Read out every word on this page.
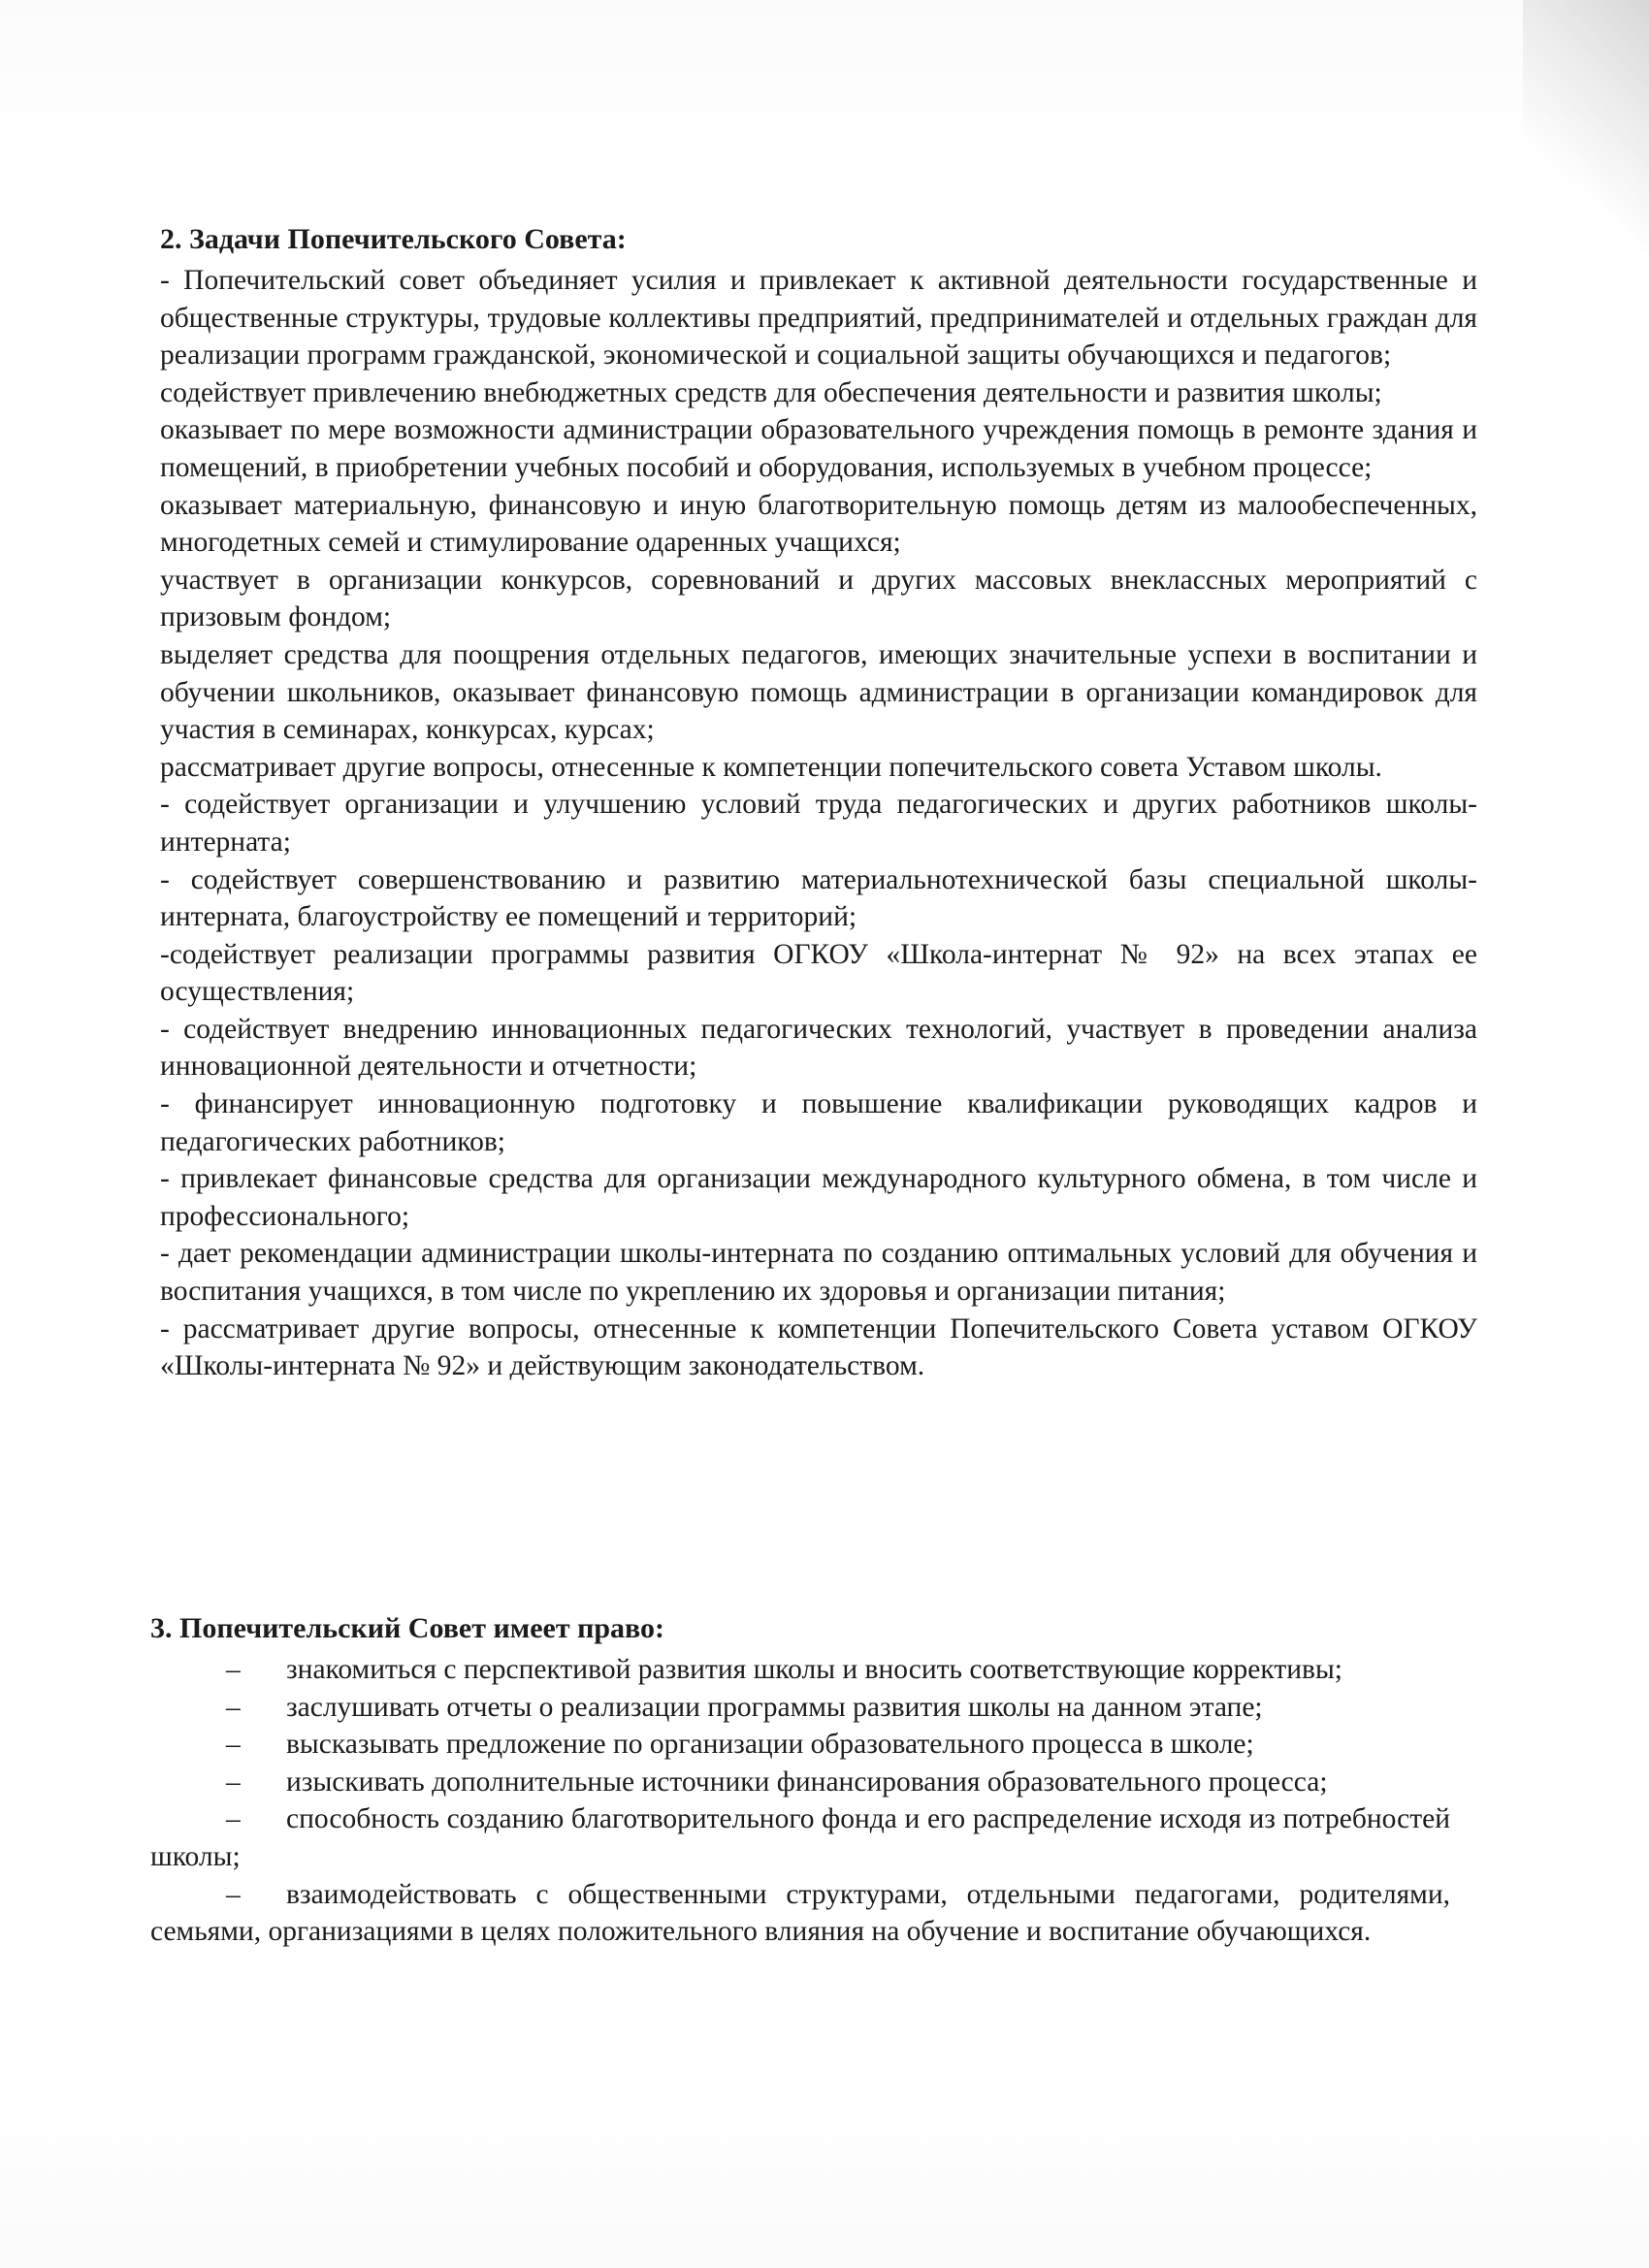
2. Задачи Попечительского Совета:
- Попечительский совет объединяет усилия и привлекает к активной деятельности государственные и общественные структуры, трудовые коллективы предприятий, предпринимателей и отдельных граждан для реализации программ гражданской, экономической и социальной защиты обучающихся и педагогов;
содействует привлечению внебюджетных средств для обеспечения деятельности и развития школы;
оказывает по мере возможности администрации образовательного учреждения помощь в ремонте здания и помещений, в приобретении учебных пособий и оборудования, используемых в учебном процессе;
оказывает материальную, финансовую и иную благотворительную помощь детям из малообеспеченных, многодетных семей и стимулирование одаренных учащихся;
участвует в организации конкурсов, соревнований и других массовых внеклассных мероприятий с призовым фондом;
выделяет средства для поощрения отдельных педагогов, имеющих значительные успехи в воспитании и обучении школьников, оказывает финансовую помощь администрации в организации командировок для участия в семинарах, конкурсах, курсах;
рассматривает другие вопросы, отнесенные к компетенции попечительского совета Уставом школы.
- содействует организации и улучшению условий труда педагогических и других работников школы-интерната;
- содействует совершенствованию и развитию материальнотехнической базы специальной школы-интерната, благоустройству ее помещений и территорий;
-содействует реализации программы развития ОГКОУ «Школа-интернат № 92» на всех этапах ее осуществления;
- содействует внедрению инновационных педагогических технологий, участвует в проведении анализа инновационной деятельности и отчетности;
- финансирует инновационную подготовку и повышение квалификации руководящих кадров и педагогических работников;
- привлекает финансовые средства для организации международного культурного обмена, в том числе и профессионального;
- дает рекомендации администрации школы-интерната по созданию оптимальных условий для обучения и воспитания учащихся, в том числе по укреплению их здоровья и организации питания;
- рассматривает другие вопросы, отнесенные к компетенции Попечительского Совета уставом ОГКОУ «Школы-интерната № 92» и действующим законодательством.
3. Попечительский Совет имеет право:
– знакомиться с перспективой развития школы и вносить соответствующие коррективы;
– заслушивать отчеты о реализации программы развития школы на данном этапе;
– высказывать предложение по организации образовательного процесса в школе;
– изыскивать дополнительные источники финансирования образовательного процесса;
– способность созданию благотворительного фонда и его распределение исходя из потребностей школы;
– взаимодействовать с общественными структурами, отдельными педагогами, родителями, семьями, организациями в целях положительного влияния на обучение и воспитание обучающихся.
